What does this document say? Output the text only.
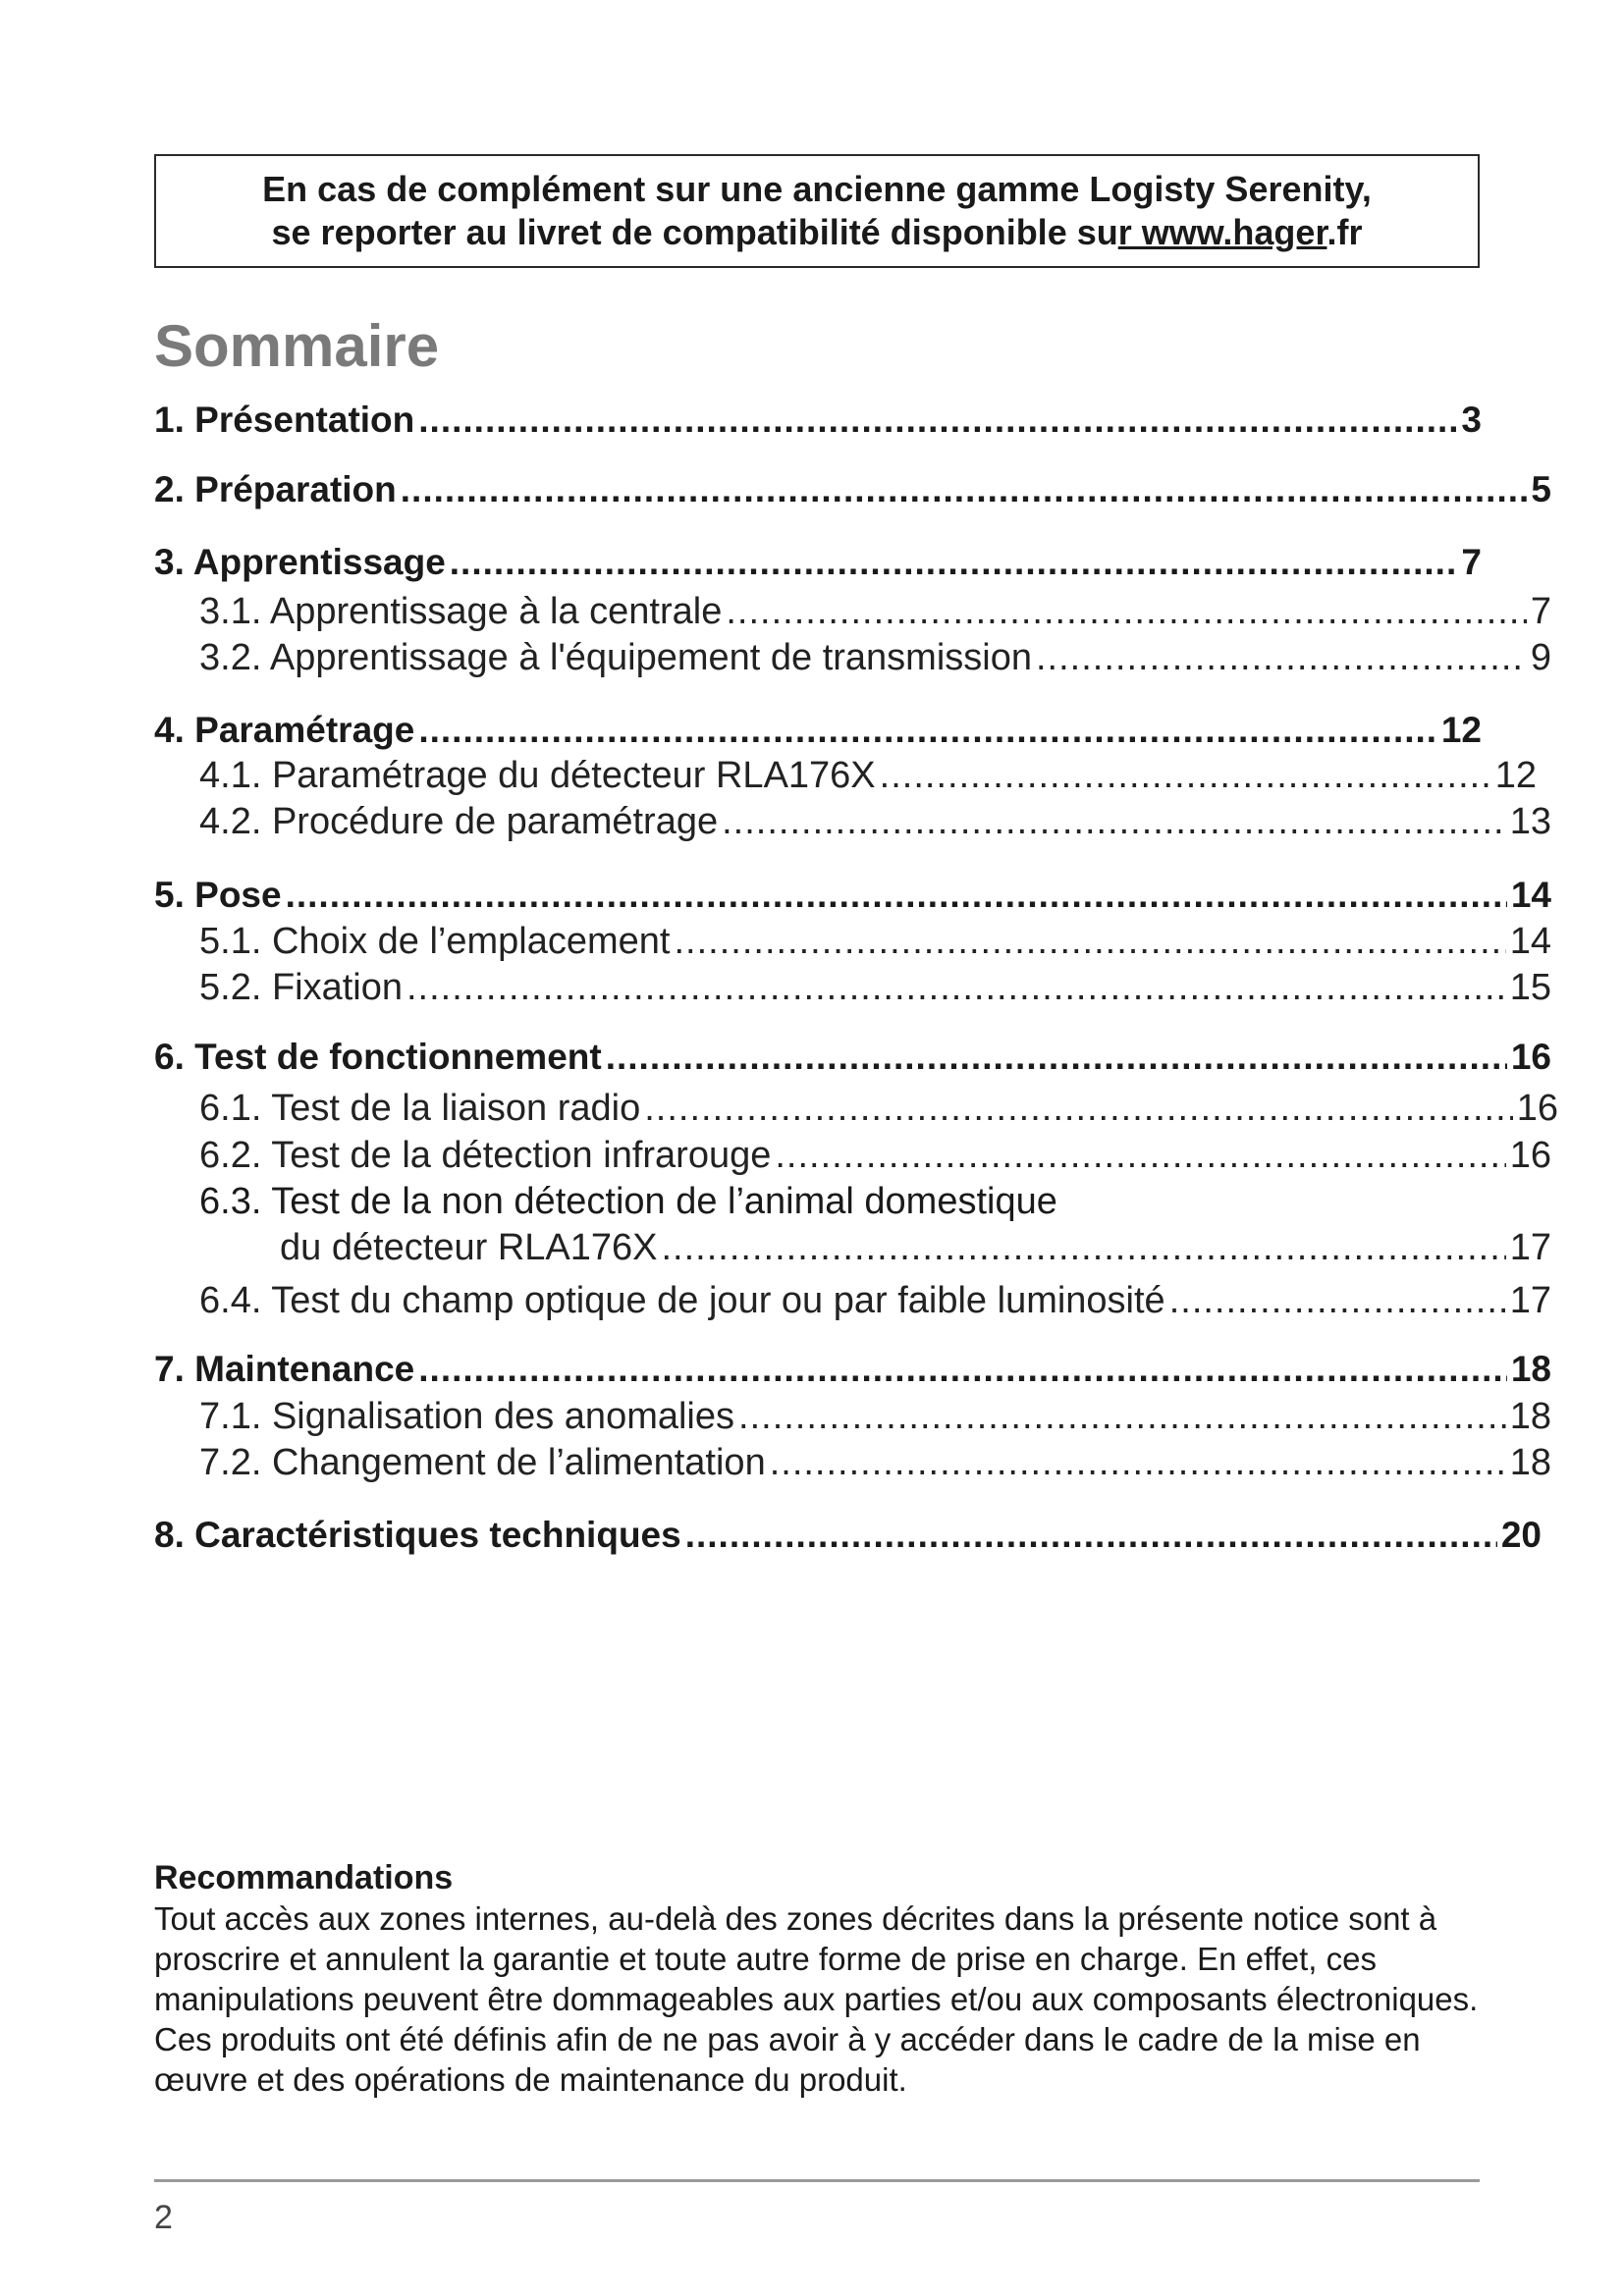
En cas de complément sur une ancienne gamme Logisty Serenity,
se reporter au livret de compatibilité disponible sur www.hager.fr
Sommaire
1. Présentation .....	3
2. Préparation .....	5
3. Apprentissage .....	7
3.1. Apprentissage à la centrale .....	7
3.2. Apprentissage à l'équipement de transmission .....	9
4. Paramétrage .....	12
4.1. Paramétrage du détecteur RLA176X .....	12
4.2. Procédure de paramétrage .....	13
5. Pose .....	14
5.1. Choix de l’emplacement .....	14
5.2. Fixation .....	15
6. Test de fonctionnement .....	16
6.1. Test de la liaison radio .....	16
6.2. Test de la détection infrarouge .....	16
6.3. Test de la non détection de l’animal domestique
du détecteur RLA176X .....	17
6.4. Test du champ optique de jour ou par faible luminosité .....	17
7. Maintenance .....	18
7.1. Signalisation des anomalies .....	18
7.2. Changement de l’alimentation .....	18
8. Caractéristiques techniques .....	20
Recommandations

Tout accès aux zones internes, au-delà des zones décrites dans la présente notice sont à proscrire et annulent la garantie et toute autre forme de prise en charge. En effet, ces manipulations peuvent être dommageables aux parties et/ou aux composants électroniques. Ces produits ont été définis afin de ne pas avoir à y accéder dans le cadre de la mise en œuvre et des opérations de maintenance du produit.

2
